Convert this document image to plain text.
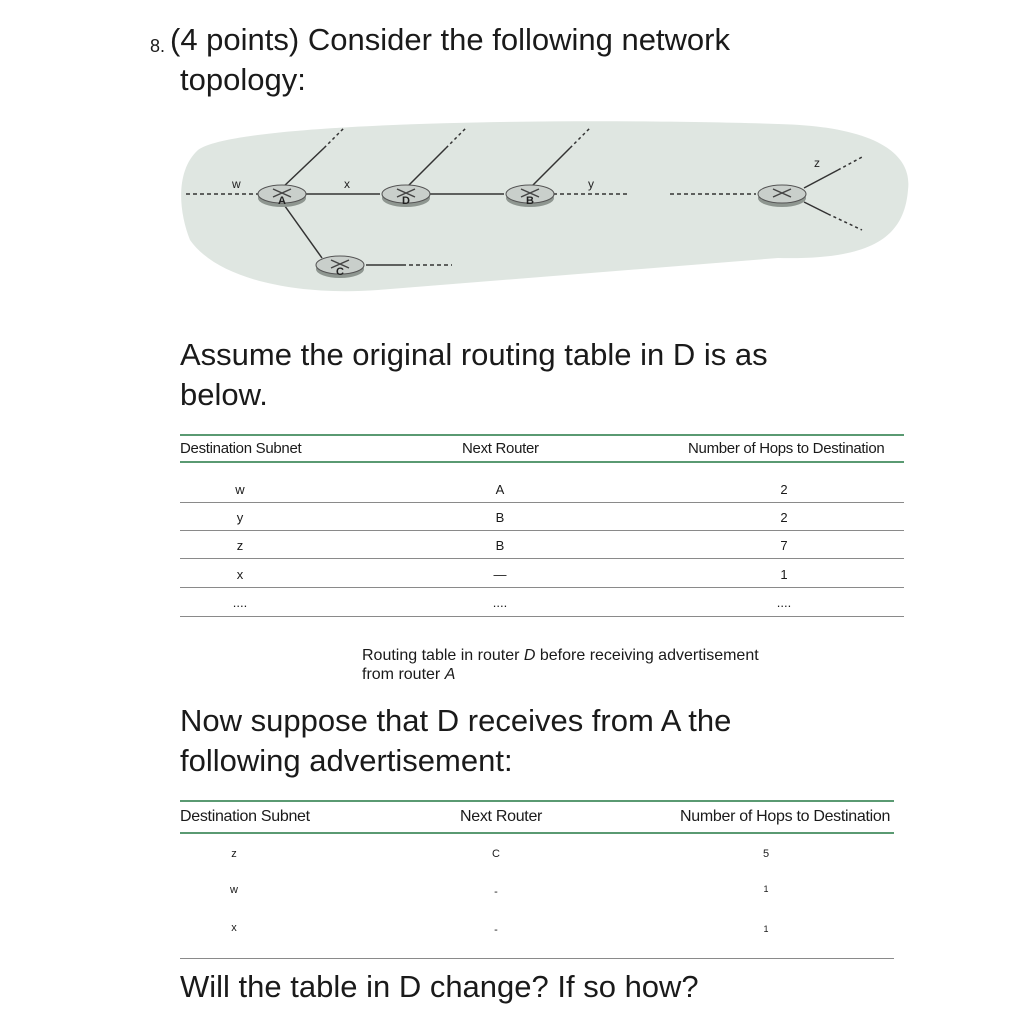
8. (4 points) Consider the following network
topology:
A	D	B
C
w	x	y
z
Assume the original routing table in D is as
below.
Destination Subnet	Next Router	Number of Hops to Destination
w	A	2
y	B	2
z	B	7
x	—	1
....	....	....
Routing table in router D before receiving advertisement
from router A
Now suppose that D receives from A the
following advertisement:
Destination Subnet	Next Router	Number of Hops to Destination
z	C	5
w	-	1
x	-	1
Will the table in D change? If so how?
